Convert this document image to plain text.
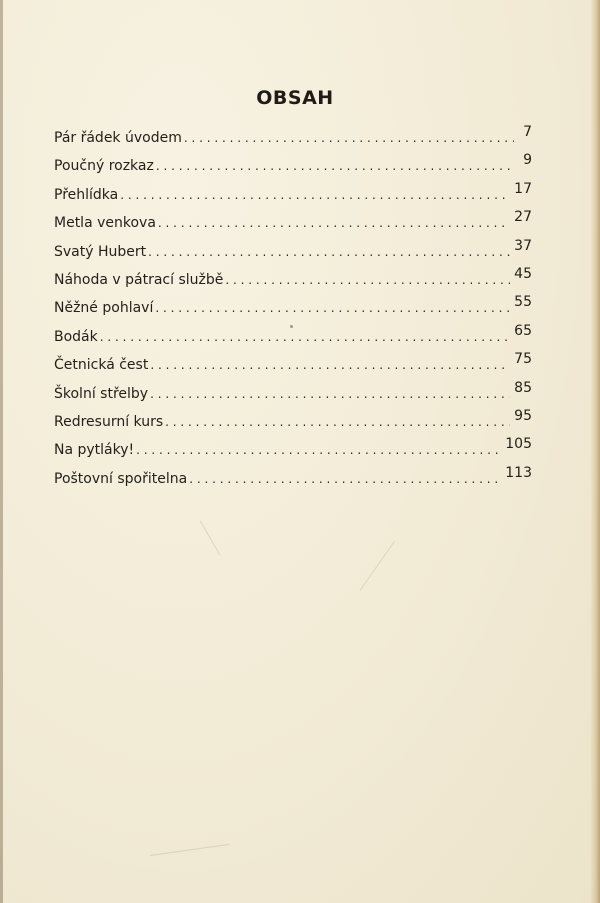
OBSAH
Pár řádek úvodem . . .	7
Poučný rozkaz . . .	9
Přehlídka . . .	17
Metla venkova . . .	27
Svatý Hubert . . .	37
Náhoda v pátrací službě . . .	45
Něžné pohlaví . . .	55
Bodák . . .	65
Četnická čest . . .	75
Školní střelby . . .	85
Redresurní kurs . . .	95
Na pytláky! . . .	105
Poštovní spořitelna . . .	113
